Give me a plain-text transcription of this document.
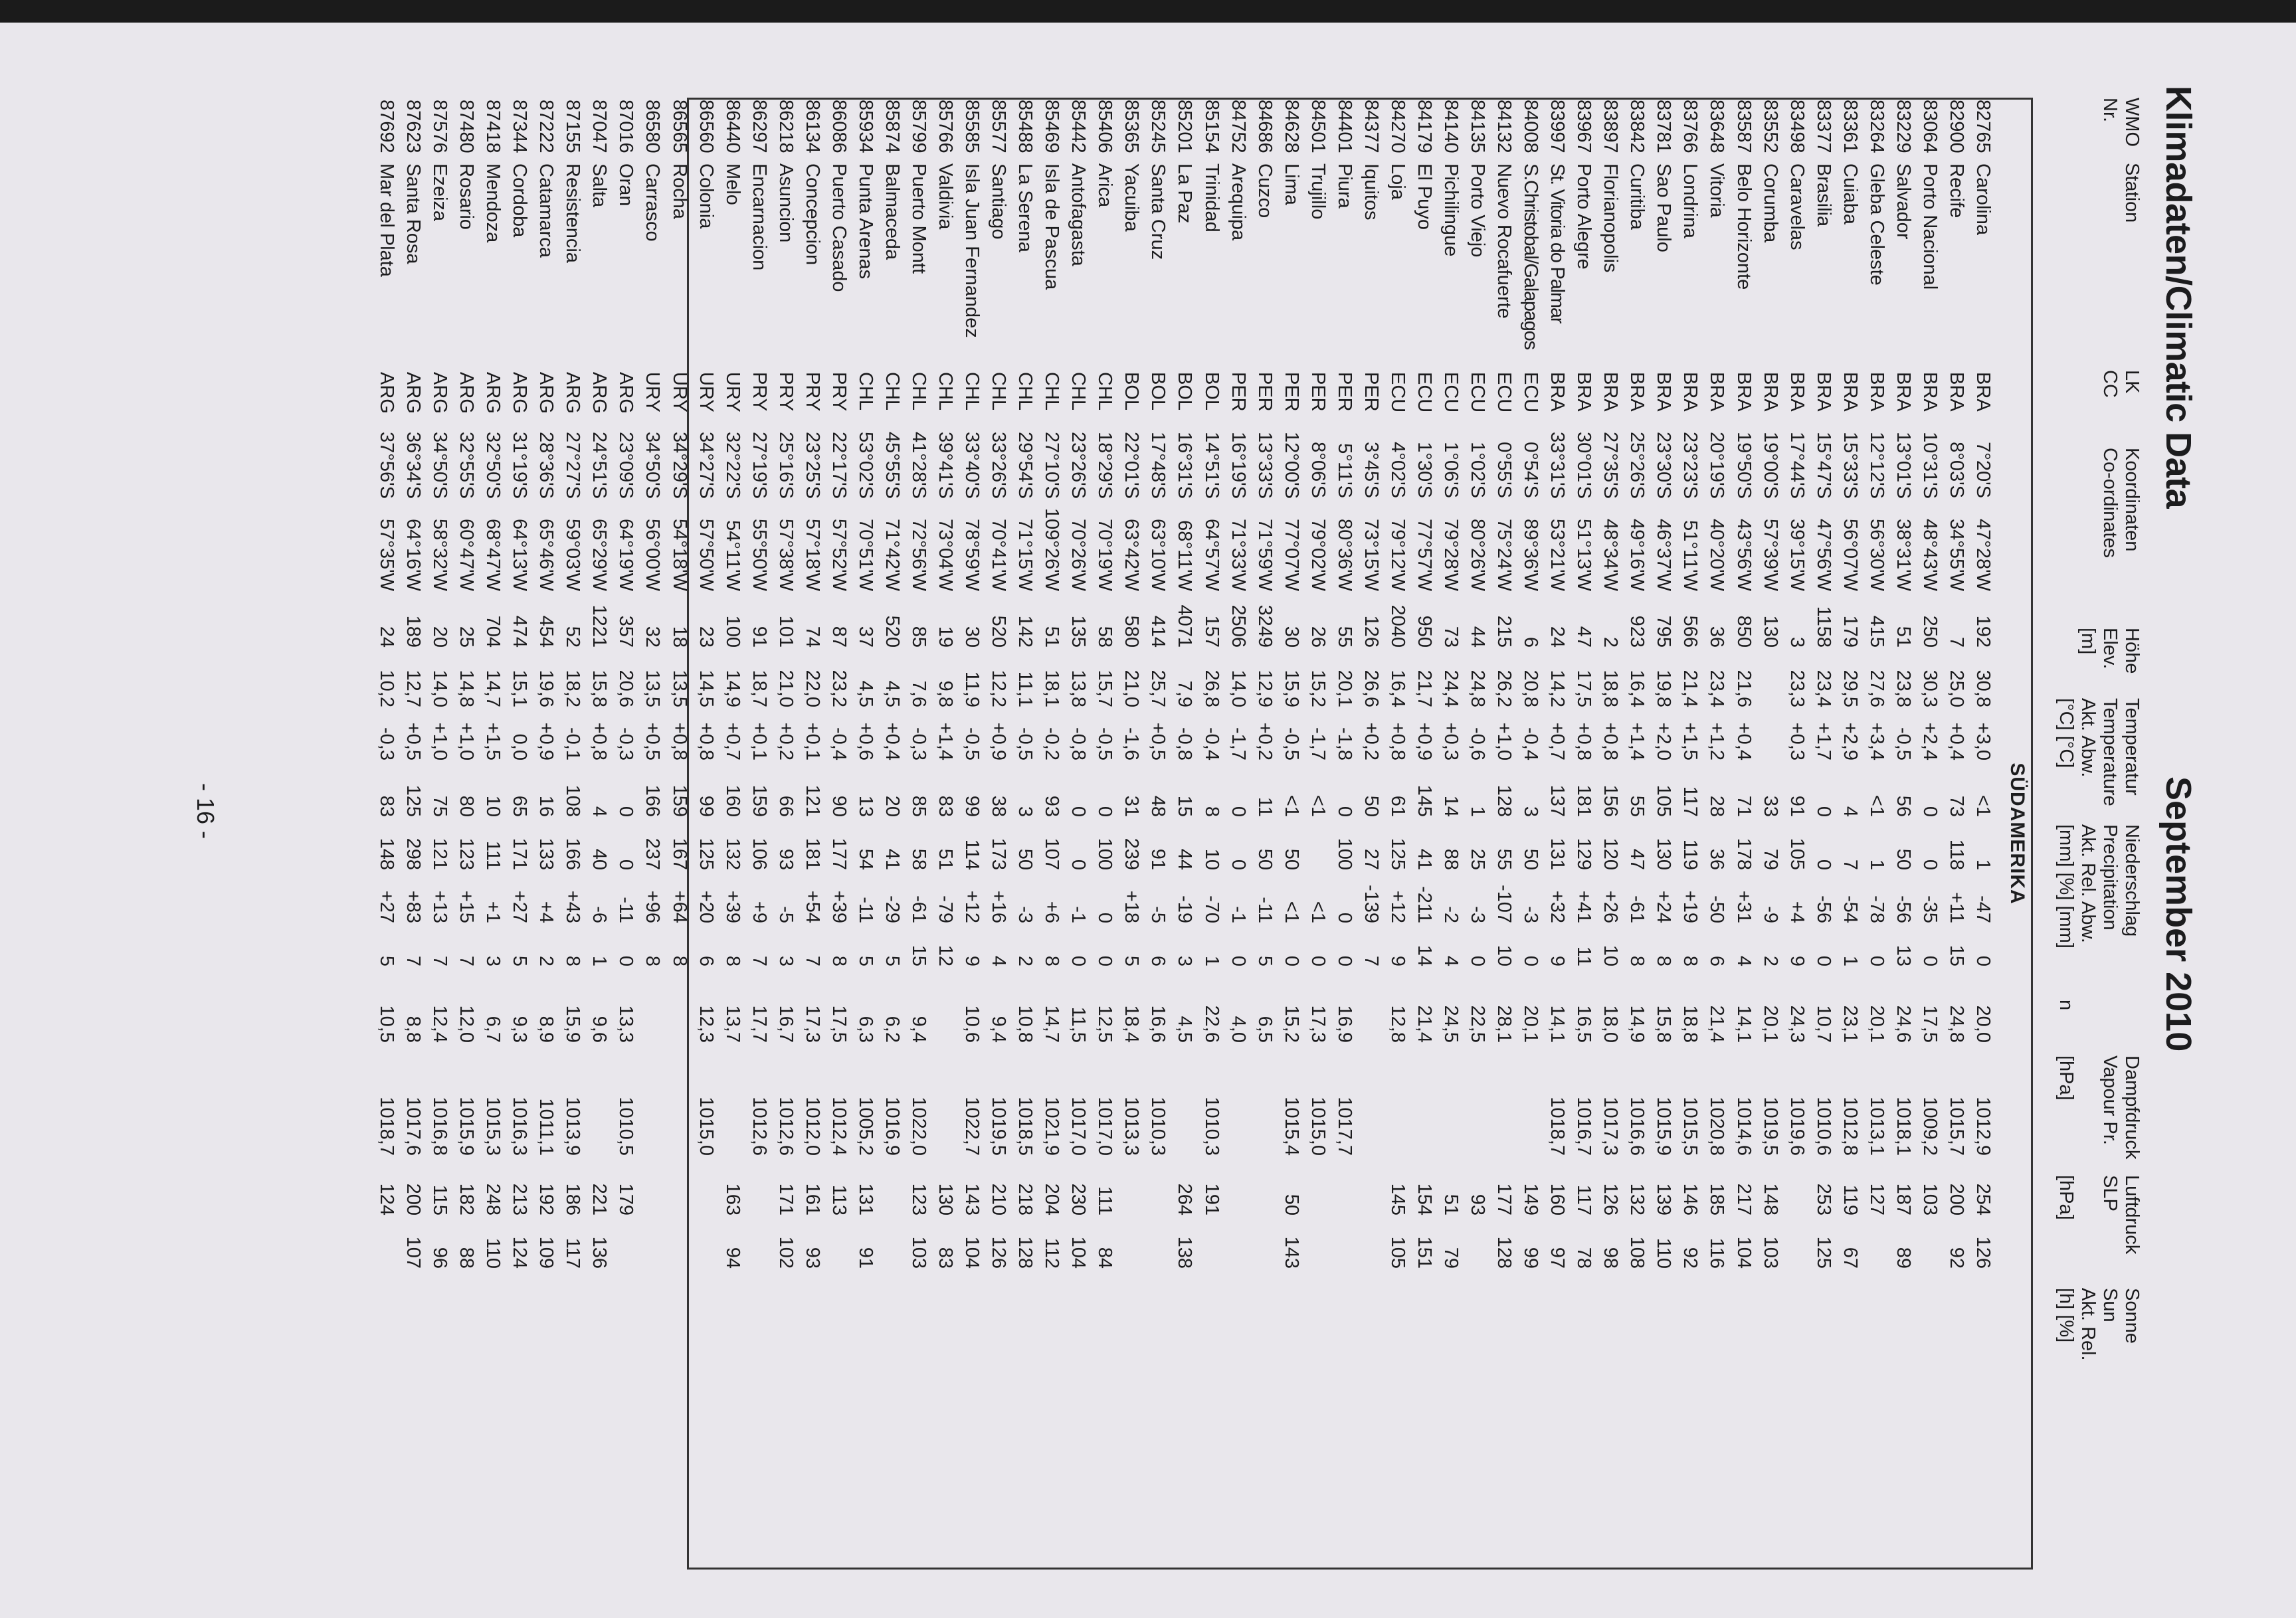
Klimadaten/Climatic Data
September 2010
WMO
Nr.
Station
LK
CC
Koordinaten
Co-ordinates
Höhe
Elev.
[m]
Temperatur
Temperature
Akt. Abw.
[°C] [°C]
Niederschlag
Precipitation
Akt. Rel. Abw.
[mm] [%] [mm]
n
Dampfdruck
Vapour Pr.
[hPa]
Luftdruck
SLP
[hPa]
Sonne
Sun
Akt. Rel.
[h] [%]
SÜDAMERIKA
82765
Carolina
BRA
7°20'S
47°28'W
192
30,8
+3,0
<1
1
-47
0
20,0
1012,9
254
126
82900
Recife
BRA
8°03'S
34°55'W
7
25,0
+0,4
73
118
+11
15
24,8
1015,7
200
92
83064
Porto Nacional
BRA
10°31'S
48°43'W
250
30,3
+2,4
0
0
-35
0
17,5
1009,2
103
83229
Salvador
BRA
13°01'S
38°31'W
51
23,8
-0,5
56
50
-56
13
24,6
1018,1
187
89
83264
Gleba Celeste
BRA
12°12'S
56°30'W
415
27,6
+3,4
<1
1
-78
0
20,1
1013,1
127
83361
Cuiaba
BRA
15°33'S
56°07'W
179
29,5
+2,9
4
7
-54
1
23,1
1012,8
119
67
83377
Brasilia
BRA
15°47'S
47°56'W
1158
23,4
+1,7
0
0
-56
0
10,7
1010,6
253
125
83498
Caravelas
BRA
17°44'S
39°15'W
3
23,3
+0,3
91
105
+4
9
24,3
1019,6
83552
Corumba
BRA
19°00'S
57°39'W
130
33
79
-9
2
20,1
1019,5
148
103
83587
Belo Horizonte
BRA
19°50'S
43°56'W
850
21,6
+0,4
71
178
+31
4
14,1
1014,6
217
104
83648
Vitoria
BRA
20°19'S
40°20'W
36
23,4
+1,2
28
36
-50
6
21,4
1020,8
185
116
83766
Londrina
BRA
23°23'S
51°11'W
566
21,4
+1,5
117
119
+19
8
18,8
1015,5
146
92
83781
Sao Paulo
BRA
23°30'S
46°37'W
795
19,8
+2,0
105
130
+24
8
15,8
1015,9
139
110
83842
Curitiba
BRA
25°26'S
49°16'W
923
16,4
+1,4
55
47
-61
8
14,9
1016,6
132
108
83897
Florianopolis
BRA
27°35'S
48°34'W
2
18,8
+0,8
156
120
+26
10
18,0
1017,3
126
98
83967
Porto Alegre
BRA
30°01'S
51°13'W
47
17,5
+0,8
181
129
+41
11
16,5
1016,7
117
78
83997
St. Vitoria do Palmar
BRA
33°31'S
53°21'W
24
14,2
+0,7
137
131
+32
9
14,1
1018,7
160
97
84008
S.Christobal/Galapagos
ECU
0°54'S
89°36'W
6
20,8
-0,4
3
50
-3
0
20,1
149
99
84132
Nuevo Rocafuerte
ECU
0°55'S
75°24'W
215
26,2
+1,0
128
55
-107
10
28,1
177
128
84135
Porto Viejo
ECU
1°02'S
80°26'W
44
24,8
-0,6
1
25
-3
0
22,5
93
84140
Pichilingue
ECU
1°06'S
79°28'W
73
24,4
+0,3
14
88
-2
4
24,5
51
79
84179
El Puyo
ECU
1°30'S
77°57'W
950
21,7
+0,9
145
41
-211
14
21,4
154
151
84270
Loja
ECU
4°02'S
79°12'W
2040
16,4
+0,8
61
125
+12
9
12,8
145
105
84377
Iquitos
PER
3°45'S
73°15'W
126
26,6
+0,2
50
27
-139
7
84401
Piura
PER
5°11'S
80°36'W
55
20,1
-1,8
0
100
0
0
16,9
1017,7
84501
Trujillo
PER
8°06'S
79°02'W
26
15,2
-1,7
<1
<1
0
17,3
1015,0
84628
Lima
PER
12°00'S
77°07'W
30
15,9
-0,5
<1
50
<1
0
15,2
1015,4
50
143
84686
Cuzco
PER
13°33'S
71°59'W
3249
12,9
+0,2
11
50
-11
5
6,5
84752
Arequipa
PER
16°19'S
71°33'W
2506
14,0
-1,7
0
0
-1
0
4,0
85154
Trinidad
BOL
14°51'S
64°57'W
157
26,8
-0,4
8
10
-70
1
22,6
1010,3
191
85201
La Paz
BOL
16°31'S
68°11'W
4071
7,9
-0,8
15
44
-19
3
4,5
264
138
85245
Santa Cruz
BOL
17°48'S
63°10'W
414
25,7
+0,5
48
91
-5
6
16,6
1010,3
85365
Yacuiba
BOL
22°01'S
63°42'W
580
21,0
-1,6
31
239
+18
5
18,4
1013,3
85406
Arica
CHL
18°29'S
70°19'W
58
15,7
-0,5
0
100
0
0
12,5
1017,0
111
84
85442
Antofagasta
CHL
23°26'S
70°26'W
135
13,8
-0,8
0
0
-1
0
11,5
1017,0
230
104
85469
Isla de Pascua
CHL
27°10'S
109°26'W
51
18,1
-0,2
93
107
+6
8
14,7
1021,9
204
112
85488
La Serena
CHL
29°54'S
71°15'W
142
11,1
-0,5
3
50
-3
2
10,8
1018,5
218
128
85577
Santiago
CHL
33°26'S
70°41'W
520
12,2
+0,9
38
173
+16
4
9,4
1019,5
210
126
85585
Isla Juan Fernandez
CHL
33°40'S
78°59'W
30
11,9
-0,5
99
114
+12
9
10,6
1022,7
143
104
85766
Valdivia
CHL
39°41'S
73°04'W
19
9,8
+1,4
83
51
-79
12
130
83
85799
Puerto Montt
CHL
41°28'S
72°56'W
85
7,6
-0,3
85
58
-61
15
9,4
1022,0
123
103
85874
Balmaceda
CHL
45°55'S
71°42'W
520
4,5
+0,4
20
41
-29
5
6,2
1016,9
85934
Punta Arenas
CHL
53°02'S
70°51'W
37
4,5
+0,6
13
54
-11
5
6,3
1005,2
131
91
86086
Puerto Casado
PRY
22°17'S
57°52'W
87
23,2
-0,4
90
177
+39
8
17,5
1012,4
113
86134
Concepcion
PRY
23°25'S
57°18'W
74
22,0
+0,1
121
181
+54
7
17,3
1012,0
161
93
86218
Asuncion
PRY
25°16'S
57°38'W
101
21,0
+0,2
66
93
-5
3
16,7
1012,6
171
102
86297
Encarnacion
PRY
27°19'S
55°50'W
91
18,7
+0,1
159
106
+9
7
17,7
1012,6
86440
Melo
URY
32°22'S
54°11'W
100
14,9
+0,7
160
132
+39
8
13,7
163
94
86560
Colonia
URY
34°27'S
57°50'W
23
14,5
+0,8
99
125
+20
6
12,3
1015,0
86565
Rocha
URY
34°29'S
54°18'W
18
13,5
+0,8
159
167
+64
8
86580
Carrasco
URY
34°50'S
56°00'W
32
13,5
+0,5
166
237
+96
8
87016
Oran
ARG
23°09'S
64°19'W
357
20,6
-0,3
0
0
-11
0
13,3
1010,5
179
87047
Salta
ARG
24°51'S
65°29'W
1221
15,8
+0,8
4
40
-6
1
9,6
221
136
87155
Resistencia
ARG
27°27'S
59°03'W
52
18,2
-0,1
108
166
+43
8
15,9
1013,9
186
117
87222
Catamarca
ARG
28°36'S
65°46'W
454
19,6
+0,9
16
133
+4
2
8,9
1011,1
192
109
87344
Cordoba
ARG
31°19'S
64°13'W
474
15,1
0,0
65
171
+27
5
9,3
1016,3
213
124
87418
Mendoza
ARG
32°50'S
68°47'W
704
14,7
+1,5
10
111
+1
3
6,7
1015,3
248
110
87480
Rosario
ARG
32°55'S
60°47'W
25
14,8
+1,0
80
123
+15
7
12,0
1015,9
182
88
87576
Ezeiza
ARG
34°50'S
58°32'W
20
14,0
+1,0
75
121
+13
7
12,4
1016,8
115
96
87623
Santa Rosa
ARG
36°34'S
64°16'W
189
12,7
+0,5
125
298
+83
7
8,8
1017,6
200
107
87692
Mar del Plata
ARG
37°56'S
57°35'W
24
10,2
-0,3
83
148
+27
5
10,5
1018,7
124
- 16 -
